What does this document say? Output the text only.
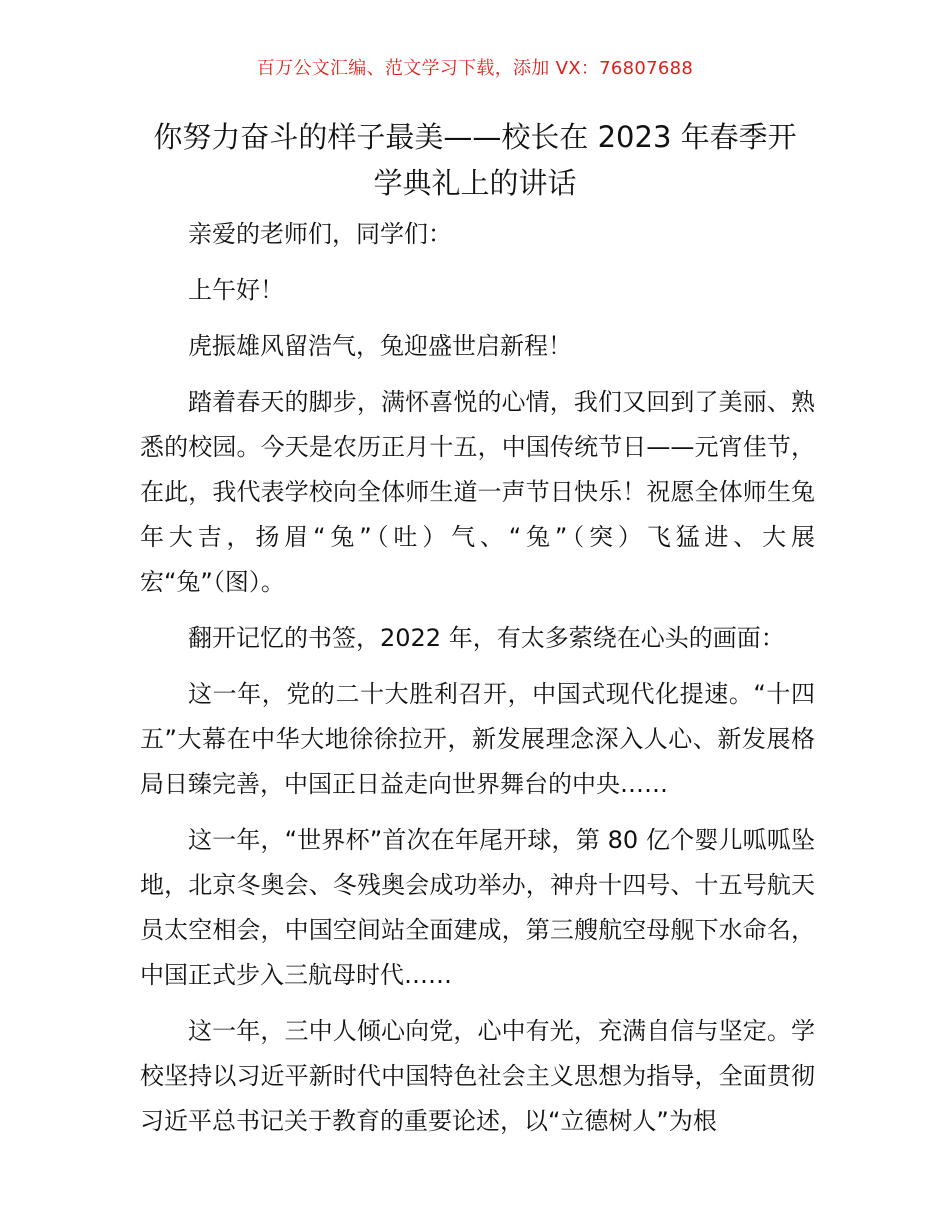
百万公文汇编、范文学习下载，添加 VX：76807688
你努力奋斗的样子最美——校长在 2023 年春季开学典礼上的讲话

亲爱的老师们，同学们：

上午好！

虎振雄风留浩气，兔迎盛世启新程！

踏着春天的脚步，满怀喜悦的心情，我们又回到了美丽、熟悉的校园。今天是农历正月十五，中国传统节日——元宵佳节，在此，我代表学校向全体师生道一声节日快乐！祝愿全体师生兔年大吉，扬眉“兔”（吐）气、“兔”（突）飞猛进、大展宏“兔”（图）。

翻开记忆的书签，2022 年，有太多萦绕在心头的画面：

这一年，党的二十大胜利召开，中国式现代化提速。“十四五”大幕在中华大地徐徐拉开，新发展理念深入人心、新发展格局日臻完善，中国正日益走向世界舞台的中央……

这一年，“世界杯”首次在年尾开球，第 80 亿个婴儿呱呱坠地，北京冬奥会、冬残奥会成功举办，神舟十四号、十五号航天员太空相会，中国空间站全面建成，第三艘航空母舰下水命名，中国正式步入三航母时代……

这一年，三中人倾心向党，心中有光，充满自信与坚定。学校坚持以习近平新时代中国特色社会主义思想为指导，全面贯彻习近平总书记关于教育的重要论述，以“立德树人”为根
